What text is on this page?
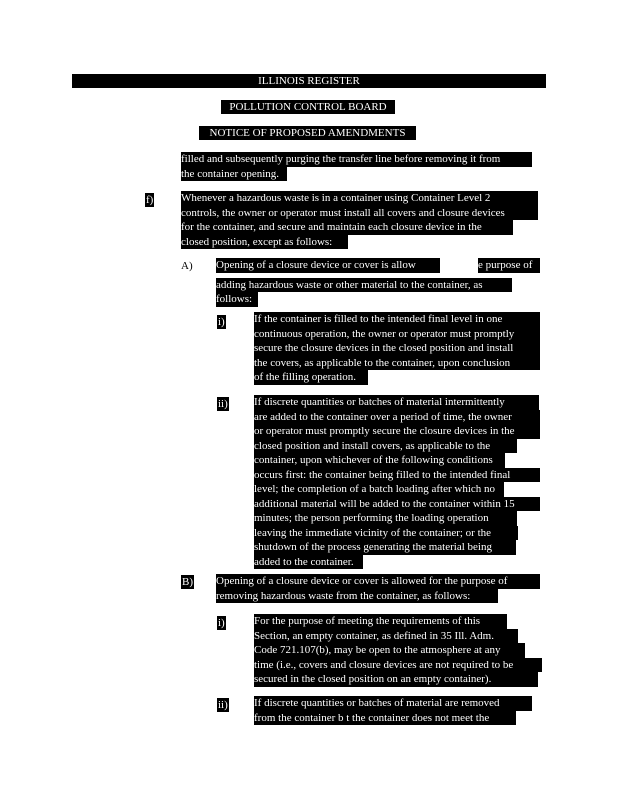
ILLINOIS REGISTER
POLLUTION CONTROL BOARD
NOTICE OF PROPOSED AMENDMENTS
filled and subsequently purging the transfer line before removing it from
the container opening.
f)	Whenever a hazardous waste is in a container using Container Level 2
controls, the owner or operator must install all covers and closure devices
for the container, and secure and maintain each closure device in the
closed position, except as follows:
A) Opening of a closure device or cover is allow	e purpose of
adding hazardous waste or other material to the container, as
follows:
i)	If the container is filled to the intended final level in one
continuous operation, the owner or operator must promptly
secure the closure devices in the closed position and install
the covers, as applicable to the container, upon conclusion
of the filling operation.
ii) If discrete quantities or batches of material intermittently
are added to the container over a period of time, the owner
or operator must promptly secure the closure devices in the
closed position and install covers, as applicable to the
container, upon whichever of the following conditions
occurs first: the container being filled to the intended final
level; the completion of a batch loading after which no
additional material will be added to the container within 15
minutes; the person performing the loading operation
leaving the immediate vicinity of the container; or the
shutdown of the process generating the material being
added to the container.
B) Opening of a closure device or cover is allowed for the purpose of
removing hazardous waste from the container, as follows:
i)	For the purpose of meeting the requirements of this
Section, an empty container, as defined in 35 Ill. Adm.
Code 721.107(b), may be open to the atmosphere at any
time (i.e., covers and closure devices are not required to be
secured in the closed position on an empty container).
ii) If discrete quantities or batches of material are removed
from the container b t the container does not meet the
